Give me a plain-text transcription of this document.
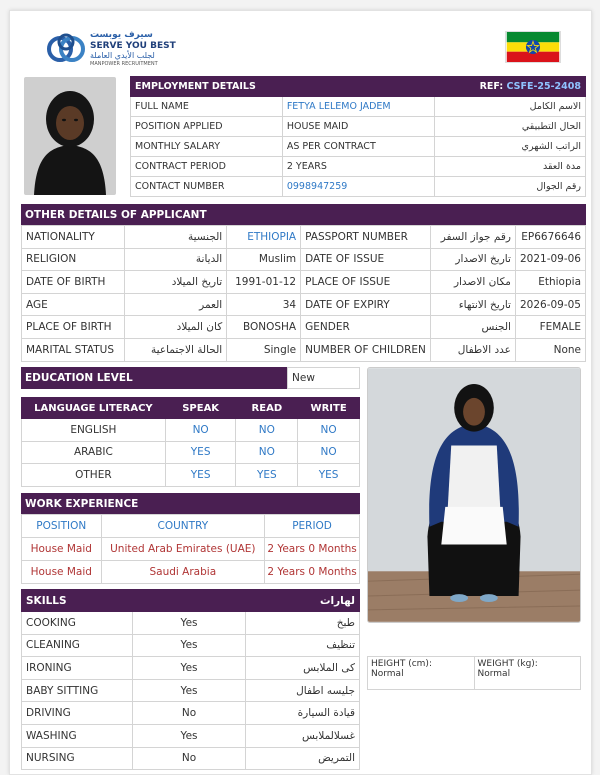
سيرف يوبست
SERVE YOU BEST
لجلب الأيدي العاملة
MANPOWER RECRUITMENT
EMPLOYMENT DETAILS	REF: CSFE-25-2408	
FULL NAME	FETYA LELEMO JADEM	الاسم الكامل
POSITION APPLIED	HOUSE MAID	الحال التطبيقي
MONTHLY SALARY	AS PER CONTRACT	الراتب الشهري
CONTRACT PERIOD	2 YEARS	مدة العقد
CONTACT NUMBER	0998947259	رقم الجوال
OTHER DETAILS OF APPLICANT
NATIONALITY	الجنسية	ETHIOPIA	PASSPORT NUMBER	رقم جواز السفر	EP6676646
RELIGION	الديانة	Muslim	DATE OF ISSUE	تاريخ الاصدار	2021-09-06
DATE OF BIRTH	تاريخ الميلاد	1991-01-12	PLACE OF ISSUE	مكان الاصدار	Ethiopia
AGE	العمر	34	DATE OF EXPIRY	تاريخ الانتهاء	2026-09-05
PLACE OF BIRTH	كان الميلاد	BONOSHA	GENDER	الجنس	FEMALE
MARITAL STATUS	الحالة الاجتماعية	Single	NUMBER OF CHILDREN	عدد الاطفال	None
EDUCATION LEVEL	New
LANGUAGE LITERACY	SPEAK	READ	WRITE
ENGLISH	NO	NO	NO
ARABIC	YES	NO	NO
OTHER	YES	YES	YES
WORK EXPERIENCE
POSITION	COUNTRY	PERIOD
House Maid	United Arab Emirates (UAE)	2 Years 0 Months
House Maid	Saudi Arabia	2 Years 0 Months
SKILLS		لهارات
COOKING	Yes	طبخ
CLEANING	Yes	تنظيف
IRONING	Yes	كى الملابس
BABY SITTING	Yes	جليسه اطفال
DRIVING	No	قيادة السيارة
WASHING	Yes	غسلالملابس
NURSING	No	التمريض
HEIGHT (cm):
Normal

WEIGHT (kg):
Normal
